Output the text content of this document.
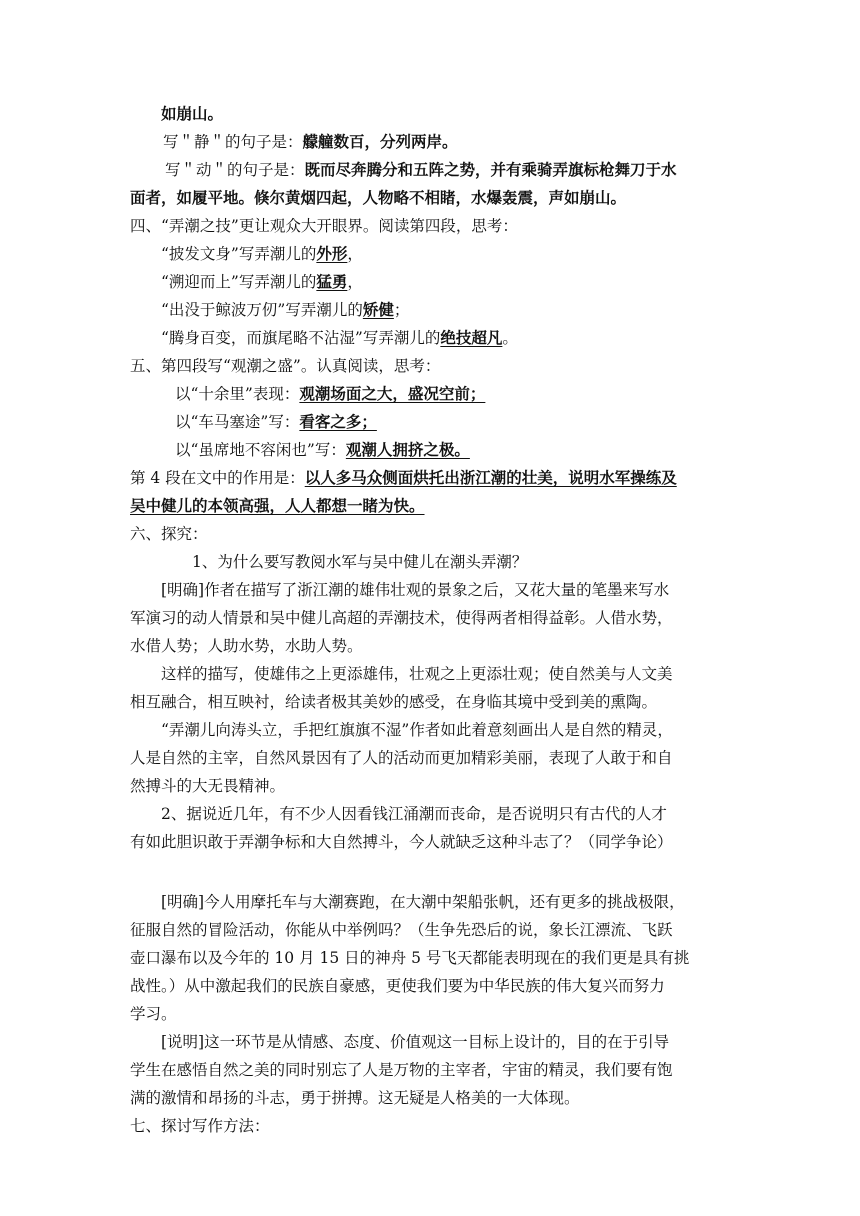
如崩山。
写＂静＂的句子是：艨艟数百，分列两岸。
写＂动＂的句子是：既而尽奔腾分和五阵之势，并有乘骑弄旗标枪舞刀于水
面者，如履平地。倏尔黄烟四起，人物略不相睹，水爆轰震，声如崩山。
四、“弄潮之技”更让观众大开眼界。阅读第四段，思考：
“披发文身”写弄潮儿的外形，
“溯迎而上”写弄潮儿的猛勇，
“出没于鲸波万仞”写弄潮儿的矫健；
“腾身百变，而旗尾略不沾湿”写弄潮儿的绝技超凡。
五、第四段写“观潮之盛”。认真阅读，思考：
以“十余里”表现：观潮场面之大，盛况空前；
以“车马塞途”写：看客之多；
以“虽席地不容闲也”写：观潮人拥挤之极。
第 4 段在文中的作用是：以人多马众侧面烘托出浙江潮的壮美，说明水军操练及
吴中健儿的本领高强，人人都想一睹为快。
六、探究：
1、为什么要写教阅水军与吴中健儿在潮头弄潮？
[明确]作者在描写了浙江潮的雄伟壮观的景象之后，又花大量的笔墨来写水
军演习的动人情景和吴中健儿高超的弄潮技术，使得两者相得益彰。人借水势，
水借人势；人助水势，水助人势。
这样的描写，使雄伟之上更添雄伟，壮观之上更添壮观；使自然美与人文美
相互融合，相互映衬，给读者极其美妙的感受，在身临其境中受到美的熏陶。
“弄潮儿向涛头立，手把红旗旗不湿”作者如此着意刻画出人是自然的精灵，
人是自然的主宰，自然风景因有了人的活动而更加精彩美丽，表现了人敢于和自
然搏斗的大无畏精神。
2、据说近几年，有不少人因看钱江涌潮而丧命，是否说明只有古代的人才
有如此胆识敢于弄潮争标和大自然搏斗，今人就缺乏这种斗志了？（同学争论）
[明确]今人用摩托车与大潮赛跑，在大潮中架船张帆，还有更多的挑战极限，
征服自然的冒险活动，你能从中举例吗？（生争先恐后的说，象长江漂流、飞跃
壶口瀑布以及今年的 10 月 15 日的神舟 5 号飞天都能表明现在的我们更是具有挑
战性。）从中激起我们的民族自豪感，更使我们要为中华民族的伟大复兴而努力
学习。
[说明]这一环节是从情感、态度、价值观这一目标上设计的，目的在于引导
学生在感悟自然之美的同时别忘了人是万物的主宰者，宇宙的精灵，我们要有饱
满的激情和昂扬的斗志，勇于拼搏。这无疑是人格美的一大体现。
七、探讨写作方法：
